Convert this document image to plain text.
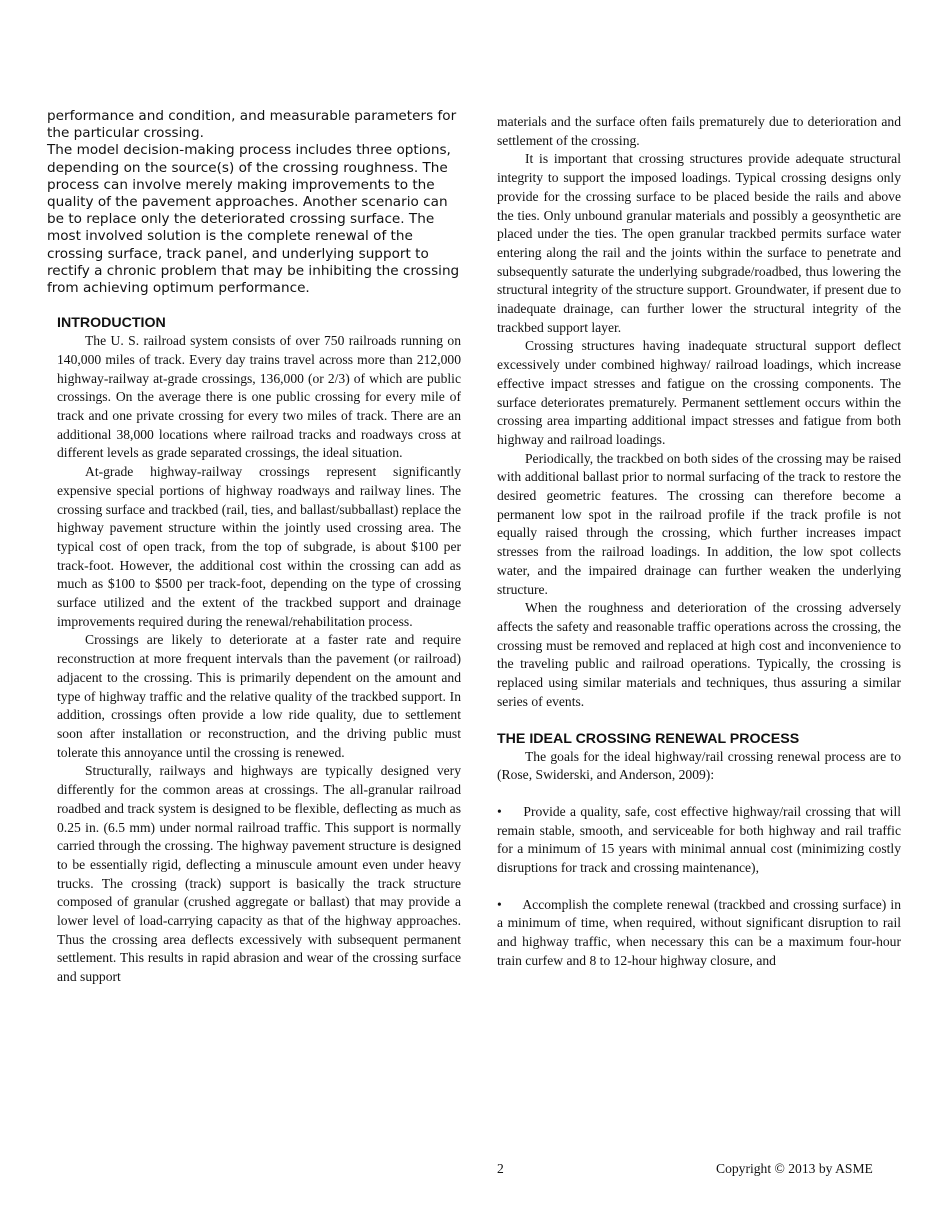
performance and condition, and measurable parameters for the particular crossing.

The model decision-making process includes three options, depending on the source(s) of the crossing roughness. The process can involve merely making improvements to the quality of the pavement approaches. Another scenario can be to replace only the deteriorated crossing surface. The most involved solution is the complete renewal of the crossing surface, track panel, and underlying support to rectify a chronic problem that may be inhibiting the crossing from achieving optimum performance.

INTRODUCTION

The U. S. railroad system consists of over 750 railroads running on 140,000 miles of track. Every day trains travel across more than 212,000 highway-railway at-grade crossings, 136,000 (or 2/3) of which are public crossings. On the average there is one public crossing for every mile of track and one private crossing for every two miles of track. There are an additional 38,000 locations where railroad tracks and roadways cross at different levels as grade separated crossings, the ideal situation.

At-grade highway-railway crossings represent significantly expensive special portions of highway roadways and railway lines. The crossing surface and trackbed (rail, ties, and ballast/subballast) replace the highway pavement structure within the jointly used crossing area. The typical cost of open track, from the top of subgrade, is about $100 per track-foot. However, the additional cost within the crossing can add as much as $100 to $500 per track-foot, depending on the type of crossing surface utilized and the extent of the trackbed support and drainage improvements required during the renewal/rehabilitation process.

Crossings are likely to deteriorate at a faster rate and require reconstruction at more frequent intervals than the pavement (or railroad) adjacent to the crossing. This is primarily dependent on the amount and type of highway traffic and the relative quality of the trackbed support. In addition, crossings often provide a low ride quality, due to settlement soon after installation or reconstruction, and the driving public must tolerate this annoyance until the crossing is renewed.

Structurally, railways and highways are typically designed very differently for the common areas at crossings. The all-granular railroad roadbed and track system is designed to be flexible, deflecting as much as 0.25 in. (6.5 mm) under normal railroad traffic. This support is normally carried through the crossing. The highway pavement structure is designed to be essentially rigid, deflecting a minuscule amount even under heavy trucks. The crossing (track) support is basically the track structure composed of granular (crushed aggregate or ballast) that may provide a lower level of load-carrying capacity as that of the highway approaches. Thus the crossing area deflects excessively with subsequent permanent settlement. This results in rapid abrasion and wear of the crossing surface and support

materials and the surface often fails prematurely due to deterioration and settlement of the crossing.

It is important that crossing structures provide adequate structural integrity to support the imposed loadings. Typical crossing designs only provide for the crossing surface to be placed beside the rails and above the ties. Only unbound granular materials and possibly a geosynthetic are placed under the ties. The open granular trackbed permits surface water entering along the rail and the joints within the surface to penetrate and subsequently saturate the underlying subgrade/roadbed, thus lowering the structural integrity of the structure support. Groundwater, if present due to inadequate drainage, can further lower the structural integrity of the trackbed support layer.

Crossing structures having inadequate structural support deflect excessively under combined highway/ railroad loadings, which increase effective impact stresses and fatigue on the crossing components. The surface deteriorates prematurely. Permanent settlement occurs within the crossing area imparting additional impact stresses and fatigue from both highway and railroad loadings.

Periodically, the trackbed on both sides of the crossing may be raised with additional ballast prior to normal surfacing of the track to restore the desired geometric features. The crossing can therefore become a permanent low spot in the railroad profile if the track profile is not equally raised through the crossing, which further increases impact stresses from the railroad loadings. In addition, the low spot collects water, and the impaired drainage can further weaken the underlying structure.

When the roughness and deterioration of the crossing adversely affects the safety and reasonable traffic operations across the crossing, the crossing must be removed and replaced at high cost and inconvenience to the traveling public and railroad operations. Typically, the crossing is replaced using similar materials and techniques, thus assuring a similar series of events.

THE IDEAL CROSSING RENEWAL PROCESS

The goals for the ideal highway/rail crossing renewal process are to (Rose, Swiderski, and Anderson, 2009):

• Provide a quality, safe, cost effective highway/rail crossing that will remain stable, smooth, and serviceable for both highway and rail traffic for a minimum of 15 years with minimal annual cost (minimizing costly disruptions for track and crossing maintenance),

• Accomplish the complete renewal (trackbed and crossing surface) in a minimum of time, when required, without significant disruption to rail and highway traffic, when necessary this can be a maximum four-hour train curfew and 8 to 12-hour highway closure, and

2	Copyright © 2013 by ASME
